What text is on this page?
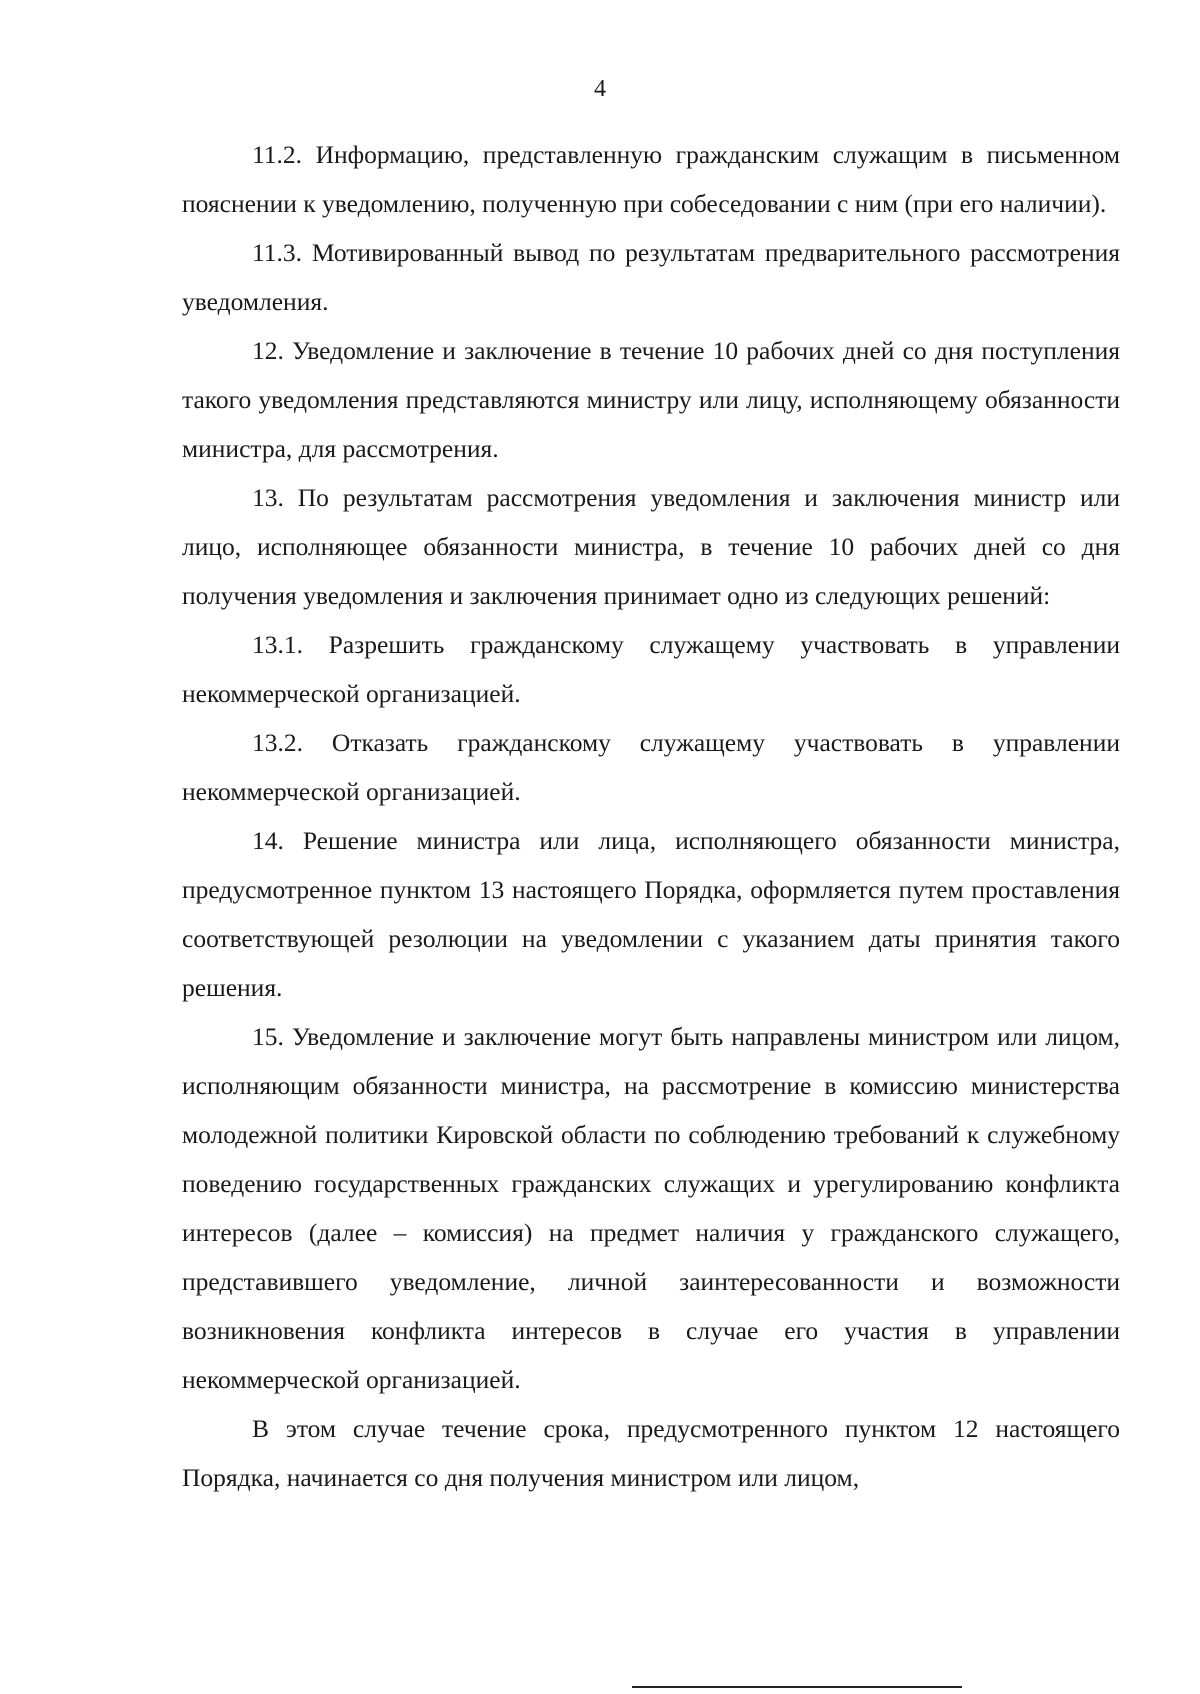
4

11.2. Информацию, представленную гражданским служащим в письменном пояснении к уведомлению, полученную при собеседовании с ним (при его наличии).

11.3. Мотивированный вывод по результатам предварительного рассмотрения уведомления.

12. Уведомление и заключение в течение 10 рабочих дней со дня поступления такого уведомления представляются министру или лицу, исполняющему обязанности министра, для рассмотрения.

13. По результатам рассмотрения уведомления и заключения министр или лицо, исполняющее обязанности министра, в течение 10 рабочих дней со дня получения уведомления и заключения принимает одно из следующих решений:

13.1. Разрешить гражданскому служащему участвовать в управлении некоммерческой организацией.

13.2. Отказать гражданскому служащему участвовать в управлении некоммерческой организацией.

14. Решение министра или лица, исполняющего обязанности министра, предусмотренное пунктом 13 настоящего Порядка, оформляется путем проставления соответствующей резолюции на уведомлении с указанием даты принятия такого решения.

15. Уведомление и заключение могут быть направлены министром или лицом, исполняющим обязанности министра, на рассмотрение в комиссию министерства молодежной политики Кировской области по соблюдению требований к служебному поведению государственных гражданских служащих и урегулированию конфликта интересов (далее – комиссия) на предмет наличия у гражданского служащего, представившего уведомление, личной заинтересованности и возможности возникновения конфликта интересов в случае его участия в управлении некоммерческой организацией.

В этом случае течение срока, предусмотренного пунктом 12 настоящего Порядка, начинается со дня получения министром или лицом,
